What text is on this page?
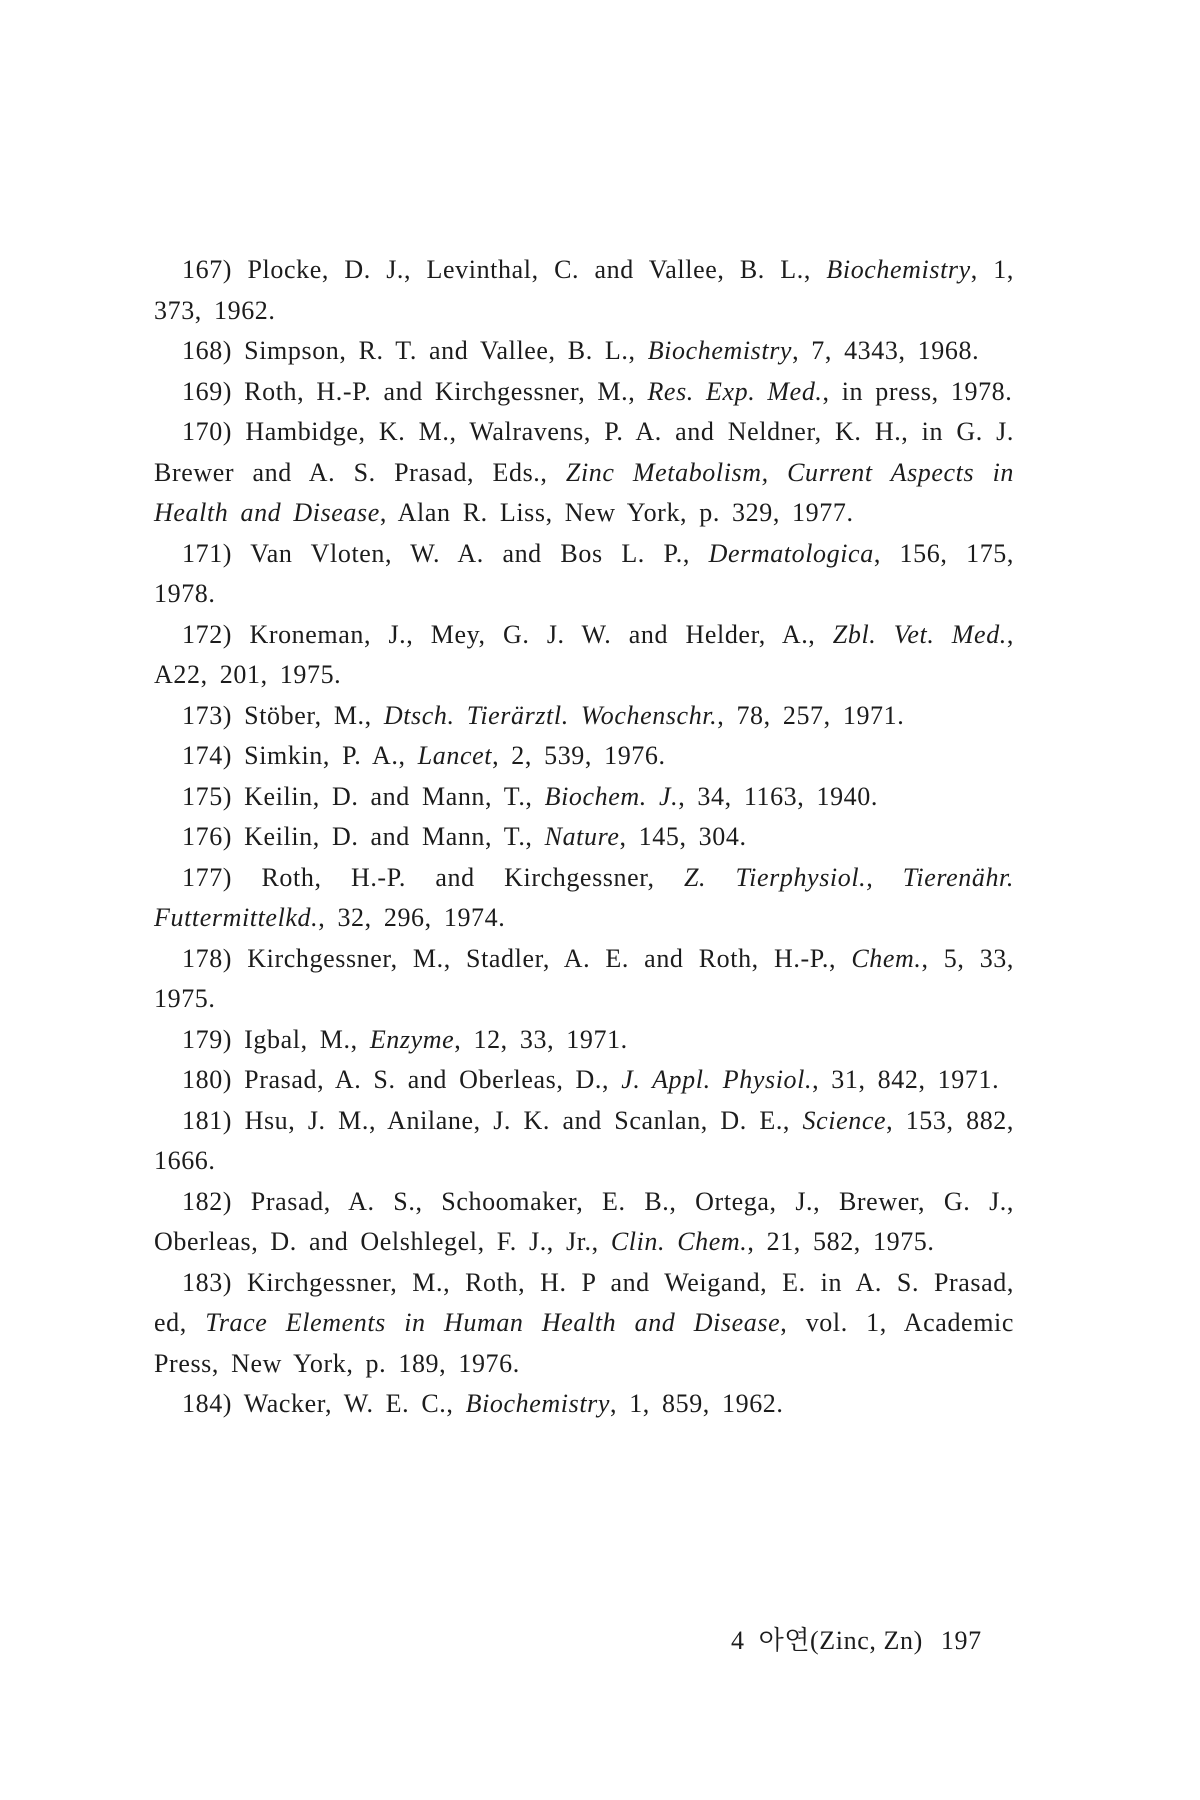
167) Plocke, D. J., Levinthal, C. and Vallee, B. L., Biochemistry, 1, 373, 1962.

168) Simpson, R. T. and Vallee, B. L., Biochemistry, 7, 4343, 1968.

169) Roth, H.-P. and Kirchgessner, M., Res. Exp. Med., in press, 1978.

170) Hambidge, K. M., Walravens, P. A. and Neldner, K. H., in G. J. Brewer and A. S. Prasad, Eds., Zinc Metabolism, Current Aspects in Health and Disease, Alan R. Liss, New York, p. 329, 1977.

171) Van Vloten, W. A. and Bos L. P., Dermatologica, 156, 175, 1978.

172) Kroneman, J., Mey, G. J. W. and Helder, A., Zbl. Vet. Med., A22, 201, 1975.

173) Stöber, M., Dtsch. Tierärztl. Wochenschr., 78, 257, 1971.

174) Simkin, P. A., Lancet, 2, 539, 1976.

175) Keilin, D. and Mann, T., Biochem. J., 34, 1163, 1940.

176) Keilin, D. and Mann, T., Nature, 145, 304.

177) Roth, H.-P. and Kirchgessner, Z. Tierphysiol., Tierenähr. Futtermittelkd., 32, 296, 1974.

178) Kirchgessner, M., Stadler, A. E. and Roth, H.-P., Chem., 5, 33, 1975.

179) Igbal, M., Enzyme, 12, 33, 1971.

180) Prasad, A. S. and Oberleas, D., J. Appl. Physiol., 31, 842, 1971.

181) Hsu, J. M., Anilane, J. K. and Scanlan, D. E., Science, 153, 882, 1666.

182) Prasad, A. S., Schoomaker, E. B., Ortega, J., Brewer, G. J., Oberleas, D. and Oelshlegel, F. J., Jr., Clin. Chem., 21, 582, 1975.

183) Kirchgessner, M., Roth, H. P and Weigand, E. in A. S. Prasad, ed, Trace Elements in Human Health and Disease, vol. 1, Academic Press, New York, p. 189, 1976.

184) Wacker, W. E. C., Biochemistry, 1, 859, 1962.

4 아연(Zinc, Zn) 197
